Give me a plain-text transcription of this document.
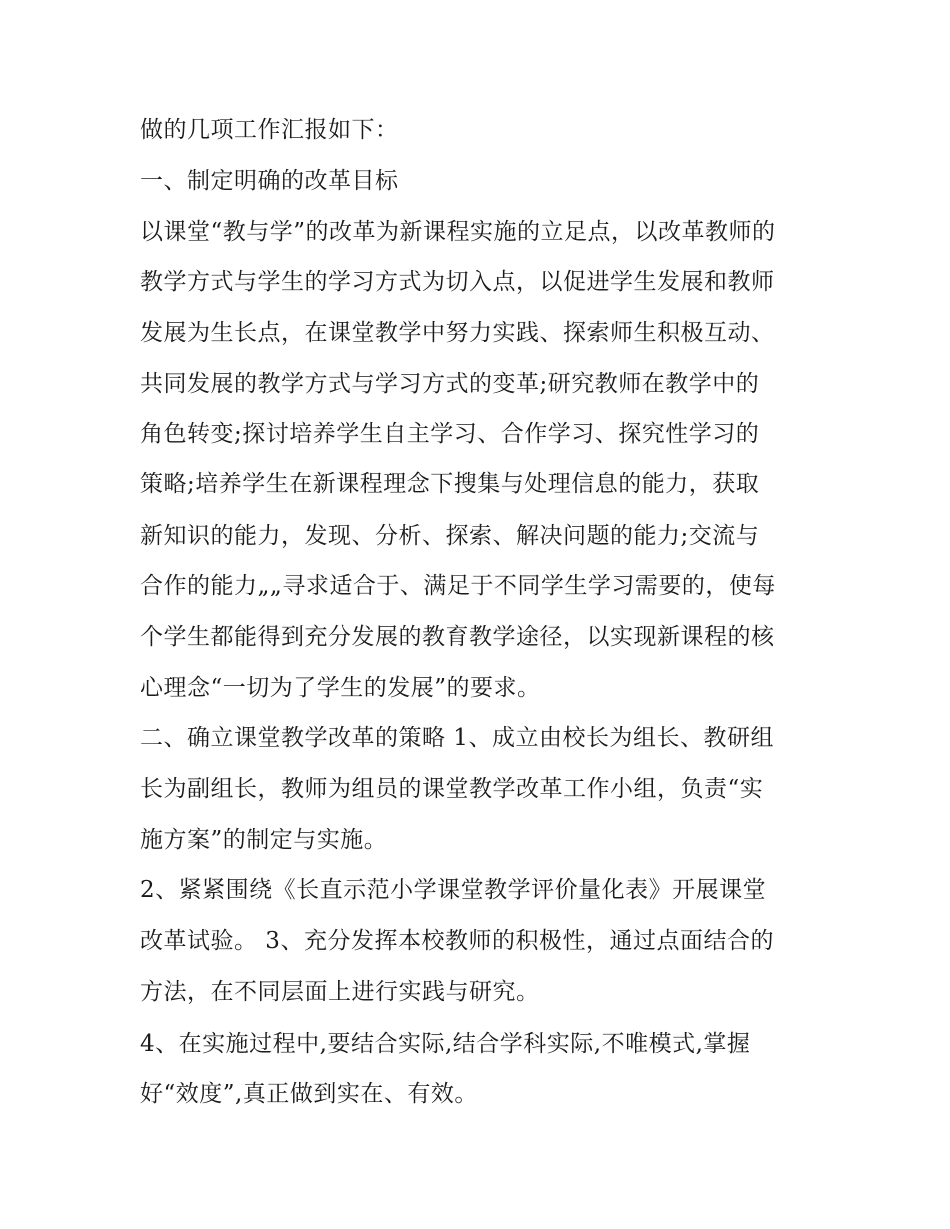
做的几项工作汇报如下：
一、制定明确的改革目标
以课堂“教与学”的改革为新课程实施的立足点，以改革教师的
教学方式与学生的学习方式为切入点，以促进学生发展和教师
发展为生长点，在课堂教学中努力实践、探索师生积极互动、
共同发展的教学方式与学习方式的变革;研究教师在教学中的
角色转变;探讨培养学生自主学习、合作学习、探究性学习的
策略;培养学生在新课程理念下搜集与处理信息的能力，获取
新知识的能力，发现、分析、探索、解决问题的能力;交流与
合作的能力„„寻求适合于、满足于不同学生学习需要的，使每
个学生都能得到充分发展的教育教学途径，以实现新课程的核
心理念“一切为了学生的发展”的要求。
二、确立课堂教学改革的策略 1、成立由校长为组长、教研组
长为副组长，教师为组员的课堂教学改革工作小组，负责“实
施方案”的制定与实施。
2、紧紧围绕《长直示范小学课堂教学评价量化表》开展课堂
改革试验。 3、充分发挥本校教师的积极性，通过点面结合的
方法，在不同层面上进行实践与研究。
4、在实施过程中,要结合实际,结合学科实际,不唯模式,掌握
好“效度”,真正做到实在、有效。
